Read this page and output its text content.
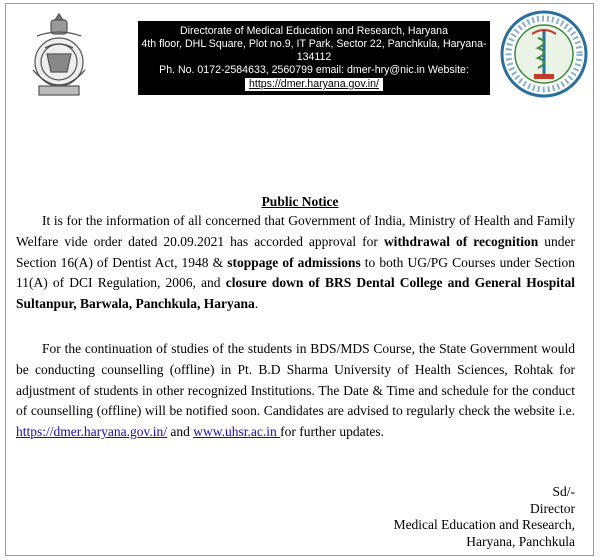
Directorate of Medical Education and Research, Haryana
4th floor, DHL Square, Plot no.9, IT Park, Sector 22, Panchkula, Haryana-
134112
Ph. No. 0172-2584633, 2560799 email: dmer-hry@nic.in Website:
https://dmer.haryana.gov.in/
Public Notice
It is for the information of all concerned that Government of India, Ministry of Health and Family Welfare vide order dated 20.09.2021 has accorded approval for withdrawal of recognition under Section 16(A) of Dentist Act, 1948 & stoppage of admissions to both UG/PG Courses under Section 11(A) of DCI Regulation, 2006, and closure down of BRS Dental College and General Hospital Sultanpur, Barwala, Panchkula, Haryana.
For the continuation of studies of the students in BDS/MDS Course, the State Government would be conducting counselling (offline) in Pt. B.D Sharma University of Health Sciences, Rohtak for adjustment of students in other recognized Institutions. The Date & Time and schedule for the conduct of counselling (offline) will be notified soon. Candidates are advised to regularly check the website i.e. https://dmer.haryana.gov.in/ and www.uhsr.ac.in for further updates.
Sd/-
Director
Medical Education and Research,
Haryana, Panchkula
